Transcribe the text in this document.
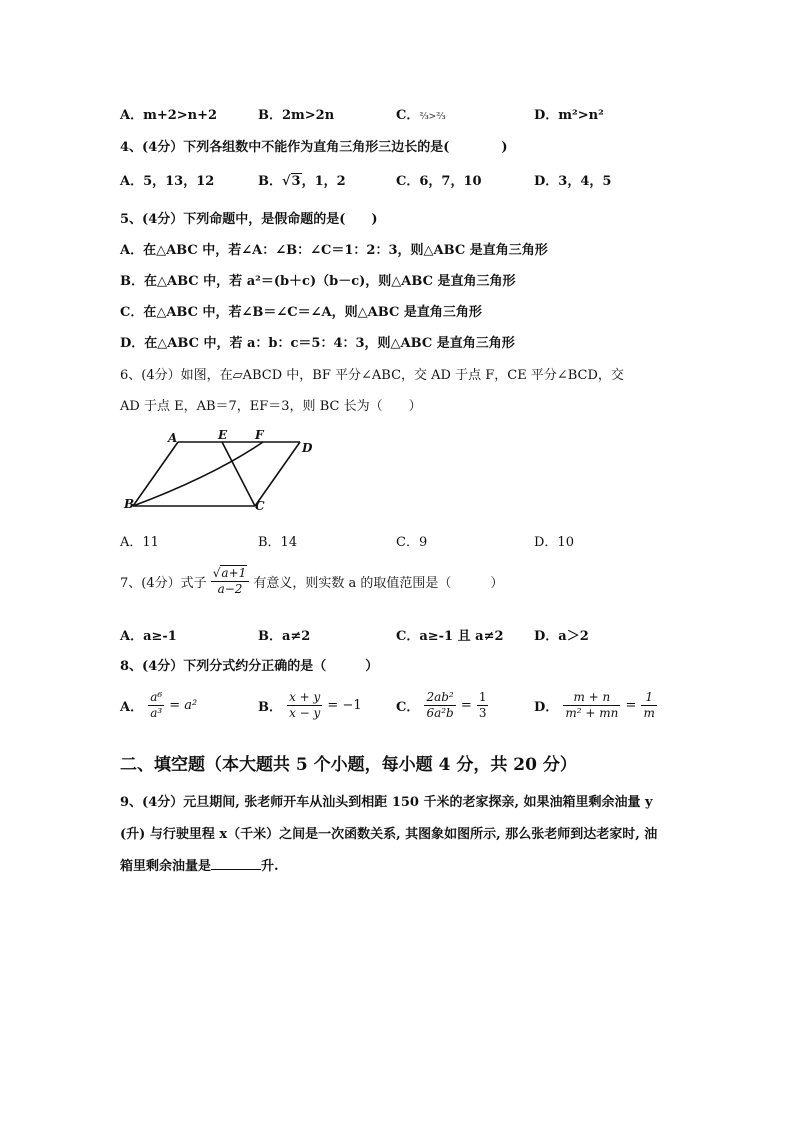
A．m+2>n+2	B．2m>2n	C．⅔>⅔	D．m²>n²
4、(4分）下列各组数中不能作为直角三角形三边长的是(　　　　)
A．5，13，12	B．√3，1，2	C．6，7，10	D．3，4，5
5、(4分）下列命题中，是假命题的是(　　)
A．在△ABC 中，若∠A：∠B：∠C＝1：2：3，则△ABC 是直角三角形
B．在△ABC 中，若 a²＝(b＋c)（b－c)，则△ABC 是直角三角形
C．在△ABC 中，若∠B＝∠C＝∠A，则△ABC 是直角三角形
D．在△ABC 中，若 a：b：c＝5：4：3，则△ABC 是直角三角形
6、(4分）如图，在▱ABCD 中，BF 平分∠ABC，交 AD 于点 F，CE 平分∠BCD，交
AD 于点 E，AB＝7，EF＝3，则 BC 长为（　　）
A
B	C
D
E F
A．11	B．14	C．9	D．10
7、(4分）式子 $\frac{√a+1}{a-2}$ 有意义，则实数 a 的取值范围是（　　　）
A．a≥-1	B．a≠2	C．a≥-1 且 a≠2 D．a＞2
8、(4分）下列分式约分正确的是（　　　）
A． $\frac{\text{a⁶}}{\text{a³}} = a^2$	B． $\frac{x + y}{x - y} = -1$	C． $\frac{\text{2ab²}}{\text{6a²b}} = \frac{1}{3}$	D． $\frac{m + n}{\text{m² + mn}} = \frac{1}{m}$
二、填空题（本大题共 5 个小题，每小题 4 分，共 20 分）
9、(4分）元旦期间, 张老师开车从汕头到相距 150 千米的老家探亲, 如果油箱里剩余油量 y
(升) 与行驶里程 x（千米）之间是一次函数关系, 其图象如图所示, 那么张老师到达老家时, 油
箱里剩余油量是	升.
